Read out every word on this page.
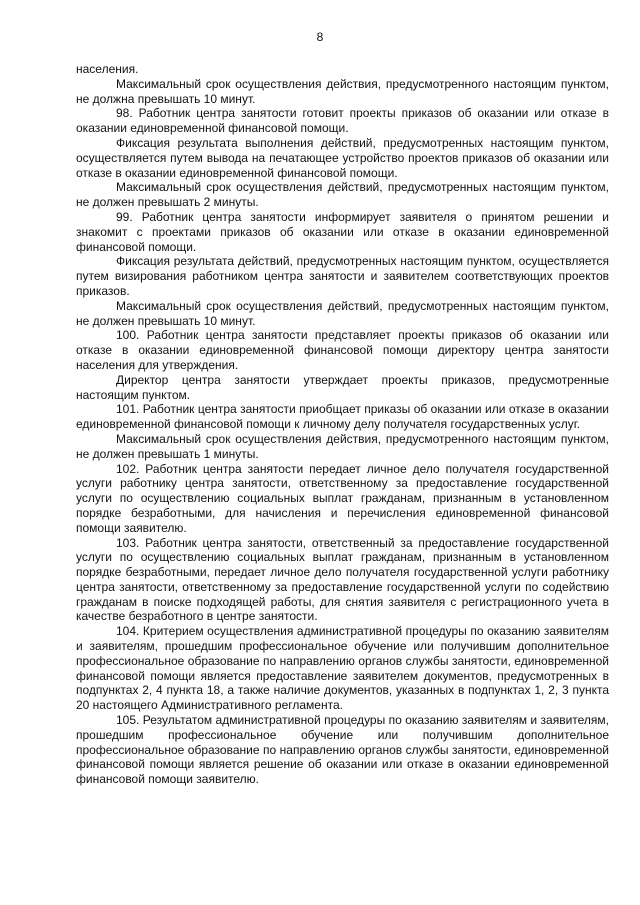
8

населения.

Максимальный срок осуществления действия, предусмотренного настоящим пунктом, не должна превышать 10 минут.

98. Работник центра занятости готовит проекты приказов об оказании или отказе в оказании единовременной финансовой помощи.

Фиксация результата выполнения действий, предусмотренных настоящим пунктом, осуществляется путем вывода на печатающее устройство проектов приказов об оказании или отказе в оказании единовременной финансовой помощи.

Максимальный срок осуществления действий, предусмотренных настоящим пунктом, не должен превышать 2 минуты.

99. Работник центра занятости информирует заявителя о принятом решении и знакомит с проектами приказов об оказании или отказе в оказании единовременной финансовой помощи.

Фиксация результата действий, предусмотренных настоящим пунктом, осуществляется путем визирования работником центра занятости и заявителем соответствующих проектов приказов.

Максимальный срок осуществления действий, предусмотренных настоящим пунктом, не должен превышать 10 минут.

100. Работник центра занятости представляет проекты приказов об оказании или отказе в оказании единовременной финансовой помощи директору центра занятости населения для утверждения.

Директор центра занятости утверждает проекты приказов, предусмотренные настоящим пунктом.

101. Работник центра занятости приобщает приказы об оказании или отказе в оказании единовременной финансовой помощи к личному делу получателя государственных услуг.

Максимальный срок осуществления действия, предусмотренного настоящим пунктом, не должен превышать 1 минуты.

102. Работник центра занятости передает личное дело получателя государственной услуги работнику центра занятости, ответственному за предоставление государственной услуги по осуществлению социальных выплат гражданам, признанным в установленном порядке безработными, для начисления и перечисления единовременной финансовой помощи заявителю.

103. Работник центра занятости, ответственный за предоставление государственной услуги по осуществлению социальных выплат гражданам, признанным в установленном порядке безработными, передает личное дело получателя государственной услуги работнику центра занятости, ответственному за предоставление государственной услуги по содействию гражданам в поиске подходящей работы, для снятия заявителя с регистрационного учета в качестве безработного в центре занятости.

104. Критерием осуществления административной процедуры по оказанию заявителям и заявителям, прошедшим профессиональное обучение или получившим дополнительное профессиональное образование по направлению органов службы занятости, единовременной финансовой помощи является предоставление заявителем документов, предусмотренных в подпунктах 2, 4 пункта 18, а также наличие документов, указанных в подпунктах 1, 2, 3 пункта 20 настоящего Административного регламента.

105. Результатом административной процедуры по оказанию заявителям и заявителям, прошедшим профессиональное обучение или получившим дополнительное профессиональное образование по направлению органов службы занятости, единовременной финансовой помощи является решение об оказании или отказе в оказании единовременной финансовой помощи заявителю.
